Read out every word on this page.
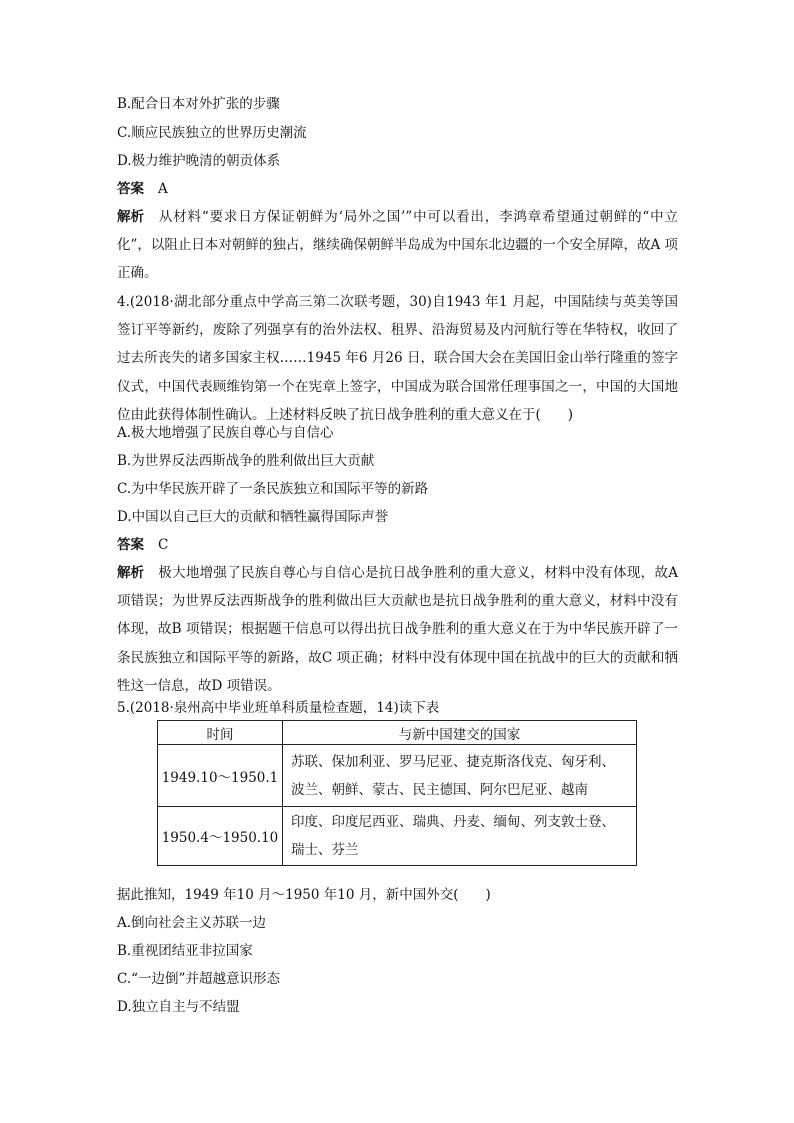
B.配合日本对外扩张的步骤
C.顺应民族独立的世界历史潮流
D.极力维护晚清的朝贡体系
答案 A
解析 从材料“要求日方保证朝鲜为‘局外之国’”中可以看出，李鸿章希望通过朝鲜的“中立化”，以阻止日本对朝鲜的独占，继续确保朝鲜半岛成为中国东北边疆的一个安全屏障，故A 项正确。
4.(2018·湖北部分重点中学高三第二次联考题，30)自1943 年1 月起，中国陆续与英美等国签订平等新约，废除了列强享有的治外法权、租界、沿海贸易及内河航行等在华特权，收回了过去所丧失的诸多国家主权……1945 年6 月26 日，联合国大会在美国旧金山举行隆重的签字仪式，中国代表顾维钧第一个在宪章上签字，中国成为联合国常任理事国之一，中国的大国地位由此获得体制性确认。上述材料反映了抗日战争胜利的重大意义在于(　　)
A.极大地增强了民族自尊心与自信心
B.为世界反法西斯战争的胜利做出巨大贡献
C.为中华民族开辟了一条民族独立和国际平等的新路
D.中国以自己巨大的贡献和牺牲赢得国际声誉
答案 C
解析 极大地增强了民族自尊心与自信心是抗日战争胜利的重大意义，材料中没有体现，故A 项错误；为世界反法西斯战争的胜利做出巨大贡献也是抗日战争胜利的重大意义，材料中没有体现，故B 项错误；根据题干信息可以得出抗日战争胜利的重大意义在于为中华民族开辟了一条民族独立和国际平等的新路，故C 项正确；材料中没有体现中国在抗战中的巨大的贡献和牺牲这一信息，故D 项错误。
5.(2018·泉州高中毕业班单科质量检查题，14)读下表
时间	与新中国建交的国家
1949.10～1950.1	苏联、保加利亚、罗马尼亚、捷克斯洛伐克、匈牙利、波兰、朝鲜、蒙古、民主德国、阿尔巴尼亚、越南
1950.4～1950.10	印度、印度尼西亚、瑞典、丹麦、缅甸、列支敦士登、瑞士、芬兰
据此推知，1949 年10 月～1950 年10 月，新中国外交(　　)
A.倒向社会主义苏联一边
B.重视团结亚非拉国家
C.“一边倒”并超越意识形态
D.独立自主与不结盟
